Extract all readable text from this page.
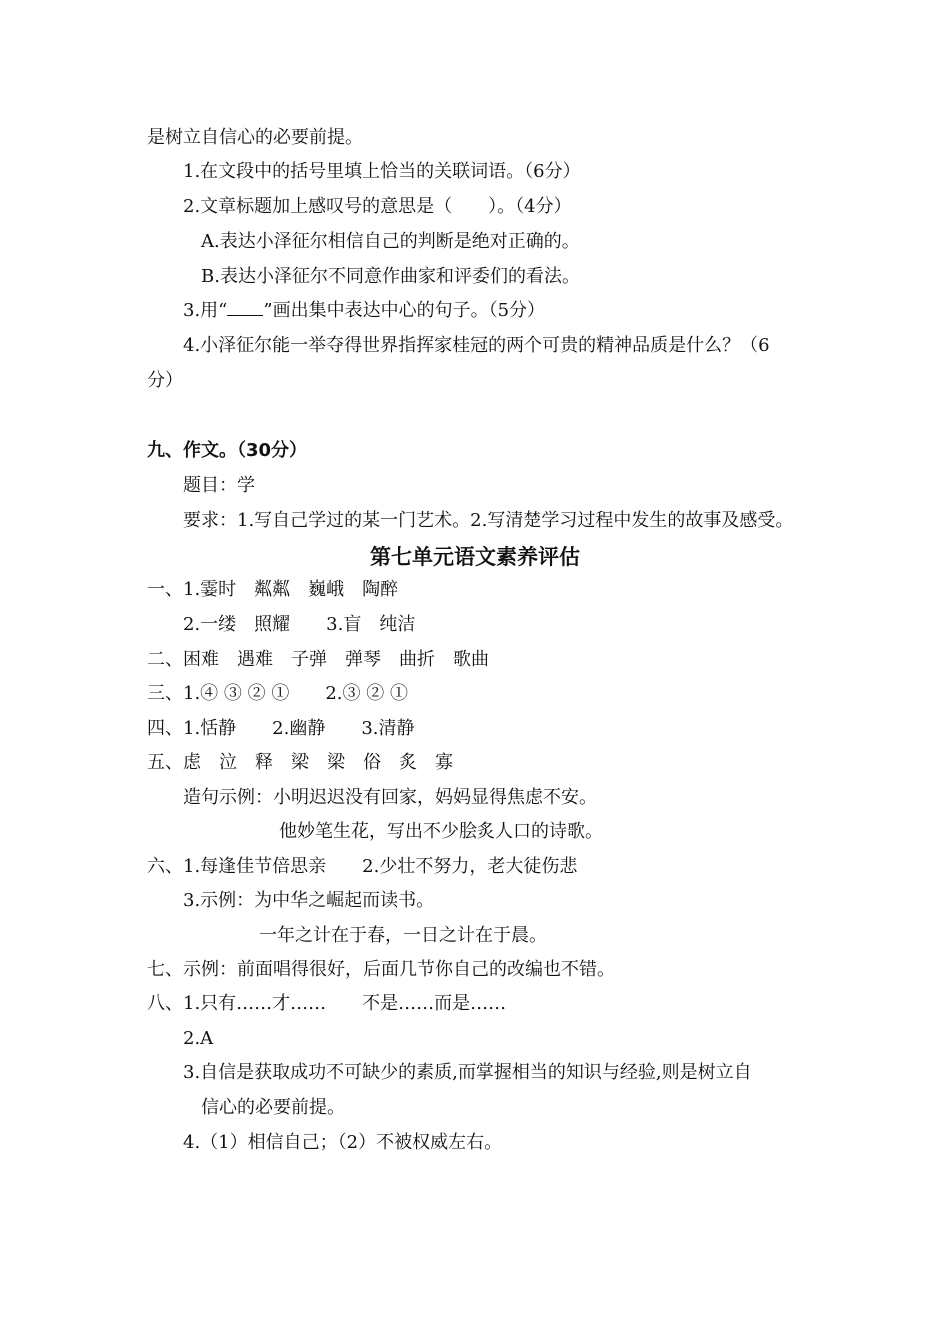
是树立自信心的必要前提。
1.在文段中的括号里填上恰当的关联词语。（6分）
2.文章标题加上感叹号的意思是（　　）。（4分）
A.表达小泽征尔相信自己的判断是绝对正确的。
B.表达小泽征尔不同意作曲家和评委们的看法。
3.用“ ”画出集中表达中心的句子。（5分）
4.小泽征尔能一举夺得世界指挥家桂冠的两个可贵的精神品质是什么？（6
分）
九、作文。（30分）
题目：学
要求：1.写自己学过的某一门艺术。2.写清楚学习过程中发生的故事及感受。
第七单元语文素养评估
一、1.霎时　粼粼　巍峨　陶醉
2.一缕　照耀　　3.盲　纯洁
二、困难　遇难　子弹　弹琴　曲折　歌曲
三、1.④ ③ ② ①　　2.③ ② ①
四、1.恬静　　2.幽静　　3.清静
五、虑　泣　释　梁　梁　俗　炙　寡
造句示例：小明迟迟没有回家，妈妈显得焦虑不安。
他妙笔生花，写出不少脍炙人口的诗歌。
六、1.每逢佳节倍思亲　　2.少壮不努力，老大徒伤悲
3.示例：为中华之崛起而读书。
一年之计在于春，一日之计在于晨。
七、示例：前面唱得很好，后面几节你自己的改编也不错。
八、1.只有……才……　　不是……而是……
2.A
3.自信是获取成功不可缺少的素质,而掌握相当的知识与经验,则是树立自
信心的必要前提。
4.（1）相信自己；（2）不被权威左右。
